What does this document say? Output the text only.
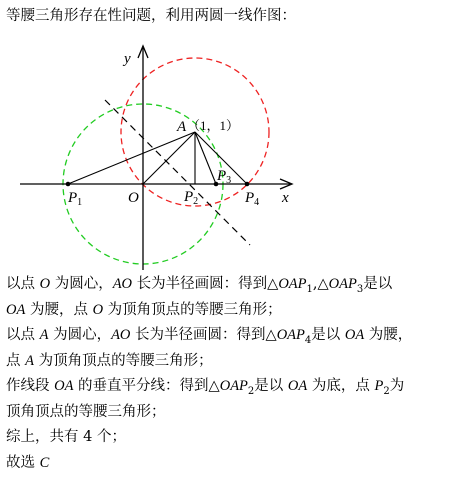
等腰三角形存在性问题，利用两圆一线作图：
y
x
O
A （1，1）
$P_1$	$P_2$
$P_3$
$P_4$
以点 O 为圆心，AO 长为半径画圆：得到$\triangle OAP_1,\triangle OAP_3$是以
OA 为腰，点 O 为顶角顶点的等腰三角形；
以点 A 为圆心，AO 长为半径画圆：得到$\triangle OAP_4$是以 OA 为腰，
点 A 为顶角顶点的等腰三角形；
作线段 OA 的垂直平分线：得到$\triangle OAP_2$是以 OA 为底，点 $P_2$为
顶角顶点的等腰三角形；
综上，共有 4 个；
故选 C
